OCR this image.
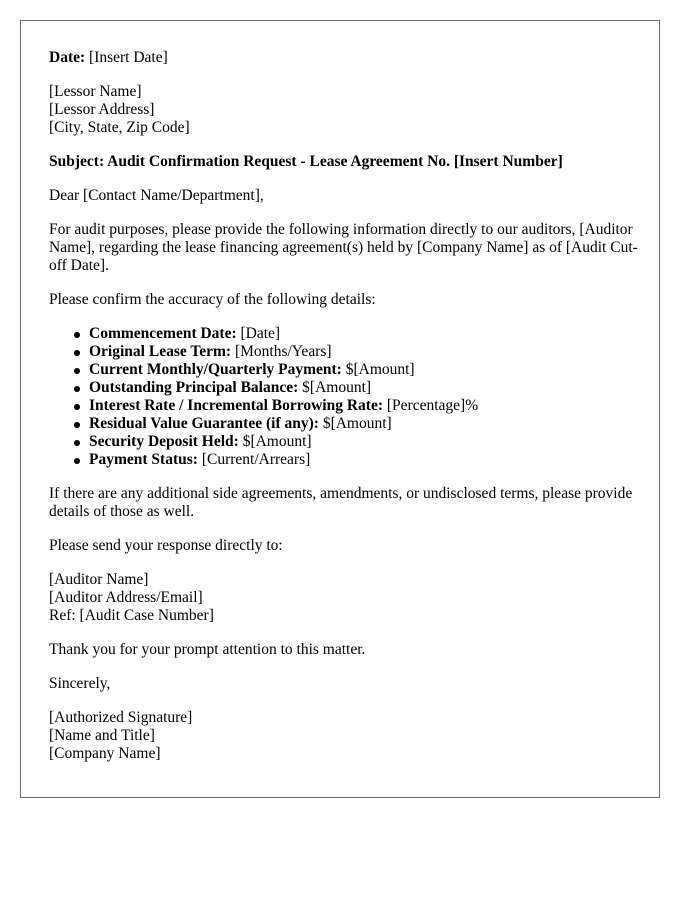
Date: [Insert Date]

[Lessor Name]
[Lessor Address]
[City, State, Zip Code]

Subject: Audit Confirmation Request - Lease Agreement No. [Insert Number]

Dear [Contact Name/Department],

For audit purposes, please provide the following information directly to our auditors, [Auditor Name], regarding the lease financing agreement(s) held by [Company Name] as of [Audit Cut-off Date].

Please confirm the accuracy of the following details:

Commencement Date: [Date]
Original Lease Term: [Months/Years]
Current Monthly/Quarterly Payment: $[Amount]
Outstanding Principal Balance: $[Amount]
Interest Rate / Incremental Borrowing Rate: [Percentage]%
Residual Value Guarantee (if any): $[Amount]
Security Deposit Held: $[Amount]
Payment Status: [Current/Arrears]

If there are any additional side agreements, amendments, or undisclosed terms, please provide details of those as well.

Please send your response directly to:

[Auditor Name]
[Auditor Address/Email]
Ref: [Audit Case Number]

Thank you for your prompt attention to this matter.

Sincerely,

[Authorized Signature]
[Name and Title]
[Company Name]
